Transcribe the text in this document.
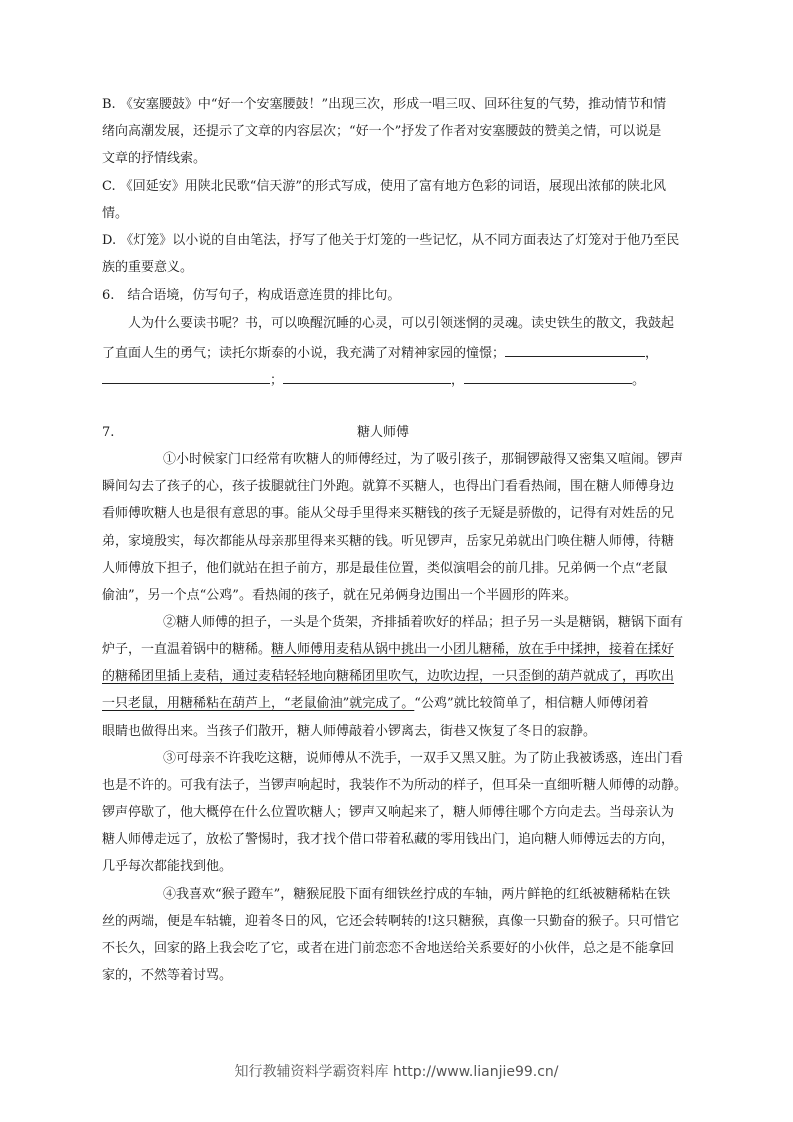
B. 《安塞腰鼓》中“好一个安塞腰鼓！”出现三次，形成一唱三叹、回环往复的气势，推动情节和情
绪向高潮发展，还提示了文章的内容层次；“好一个”抒发了作者对安塞腰鼓的赞美之情，可以说是
文章的抒情线索。
C. 《回延安》用陕北民歌“信天游”的形式写成，使用了富有地方色彩的词语，展现出浓郁的陕北风
情。
D. 《灯笼》以小说的自由笔法，抒写了他关于灯笼的一些记忆，从不同方面表达了灯笼对于他乃至民
族的重要意义。
6.　结合语境，仿写句子，构成语意连贯的排比句。
人为什么要读书呢？书，可以唤醒沉睡的心灵，可以引领迷惘的灵魂。读史铁生的散文，我鼓起
了直面人生的勇气；读托尔斯泰的小说，我充满了对精神家园的憧憬；	，
；	，	。
7.	糖人师傅
①小时候家门口经常有吹糖人的师傅经过，为了吸引孩子，那铜锣敲得又密集又喧闹。锣声
瞬间勾去了孩子的心，孩子拔腿就往门外跑。就算不买糖人，也得出门看看热闹，围在糖人师傅身边
看师傅吹糖人也是很有意思的事。能从父母手里得来买糖钱的孩子无疑是骄傲的，记得有对姓岳的兄
弟，家境殷实，每次都能从母亲那里得来买糖的钱。听见锣声，岳家兄弟就出门唤住糖人师傅，待糖
人师傅放下担子，他们就站在担子前方，那是最佳位置，类似演唱会的前几排。兄弟俩一个点“老鼠
偷油”，另一个点“公鸡”。看热闹的孩子，就在兄弟俩身边围出一个半圆形的阵来。
②糖人师傅的担子，一头是个货架，齐排插着吹好的样品；担子另一头是糖锅，糖锅下面有
炉子，一直温着锅中的糖稀。糖人师傅用麦秸从锅中挑出一小团儿糖稀，放在手中揉抻，接着在揉好
的糖稀团里插上麦秸，通过麦秸轻轻地向糖稀团里吹气，边吹边捏，一只歪倒的葫芦就成了，再吹出
一只老鼠，用糖稀粘在葫芦上，“老鼠偷油”就完成了。“公鸡”就比较简单了，相信糖人师傅闭着
眼睛也做得出来。当孩子们散开，糖人师傅敲着小锣离去，街巷又恢复了冬日的寂静。
③可母亲不许我吃这糖，说师傅从不洗手，一双手又黑又脏。为了防止我被诱惑，连出门看
也是不许的。可我有法子，当锣声响起时，我装作不为所动的样子，但耳朵一直细听糖人师傅的动静。
锣声停歇了，他大概停在什么位置吹糖人；锣声又响起来了，糖人师傅往哪个方向走去。当母亲认为
糖人师傅走远了，放松了警惕时，我才找个借口带着私藏的零用钱出门，追向糖人师傅远去的方向，
几乎每次都能找到他。
④我喜欢“猴子蹬车”，糖猴屁股下面有细铁丝拧成的车轴，两片鲜艳的红纸被糖稀粘在铁
丝的两端，便是车轱辘，迎着冬日的风，它还会转啊转的!这只糖猴，真像一只勤奋的猴子。只可惜它
不长久，回家的路上我会吃了它，或者在进门前恋恋不舍地送给关系要好的小伙伴，总之是不能拿回
家的，不然等着讨骂。
知行教辅资料学霸资料库 http://www.lianjie99.cn/
